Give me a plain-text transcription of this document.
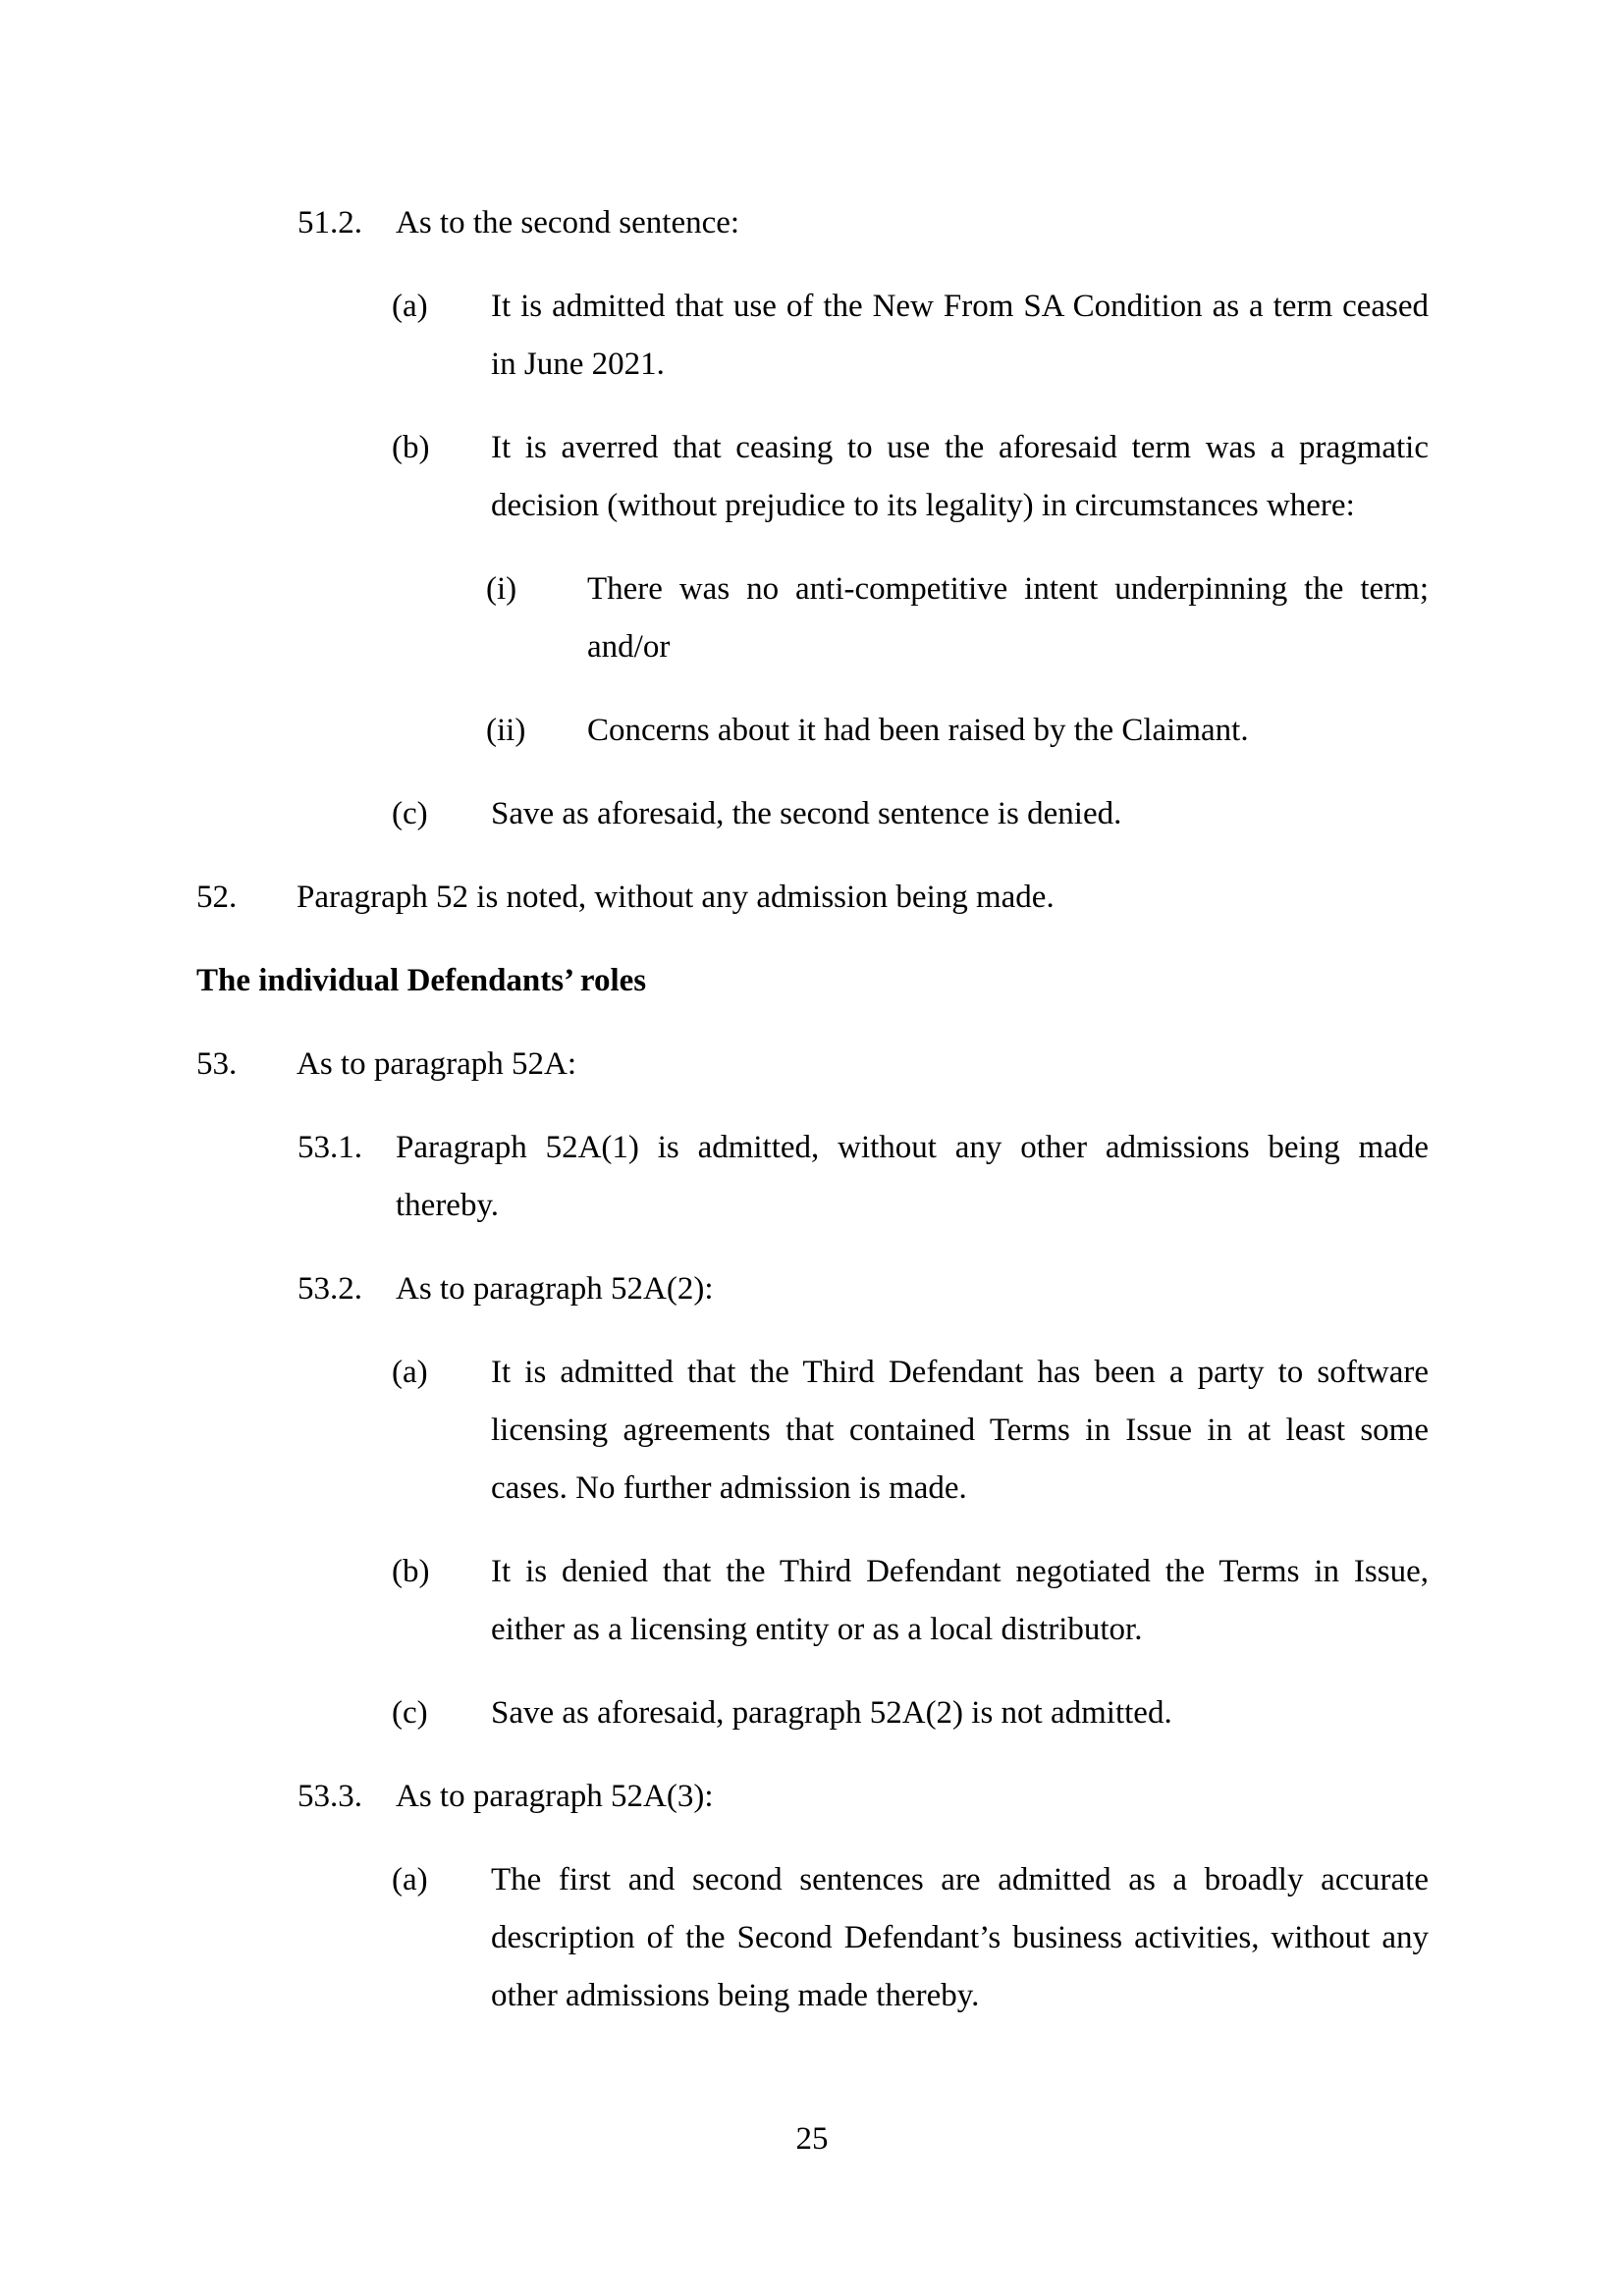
51.2. As to the second sentence:
(a) It is admitted that use of the New From SA Condition as a term ceased in June 2021.
(b) It is averred that ceasing to use the aforesaid term was a pragmatic decision (without prejudice to its legality) in circumstances where:
(i) There was no anti-competitive intent underpinning the term; and/or
(ii) Concerns about it had been raised by the Claimant.
(c) Save as aforesaid, the second sentence is denied.
52. Paragraph 52 is noted, without any admission being made.
The individual Defendants’ roles
53. As to paragraph 52A:
53.1. Paragraph 52A(1) is admitted, without any other admissions being made thereby.
53.2. As to paragraph 52A(2):
(a) It is admitted that the Third Defendant has been a party to software licensing agreements that contained Terms in Issue in at least some cases. No further admission is made.
(b) It is denied that the Third Defendant negotiated the Terms in Issue, either as a licensing entity or as a local distributor.
(c) Save as aforesaid, paragraph 52A(2) is not admitted.
53.3. As to paragraph 52A(3):
(a) The first and second sentences are admitted as a broadly accurate description of the Second Defendant’s business activities, without any other admissions being made thereby.
25
